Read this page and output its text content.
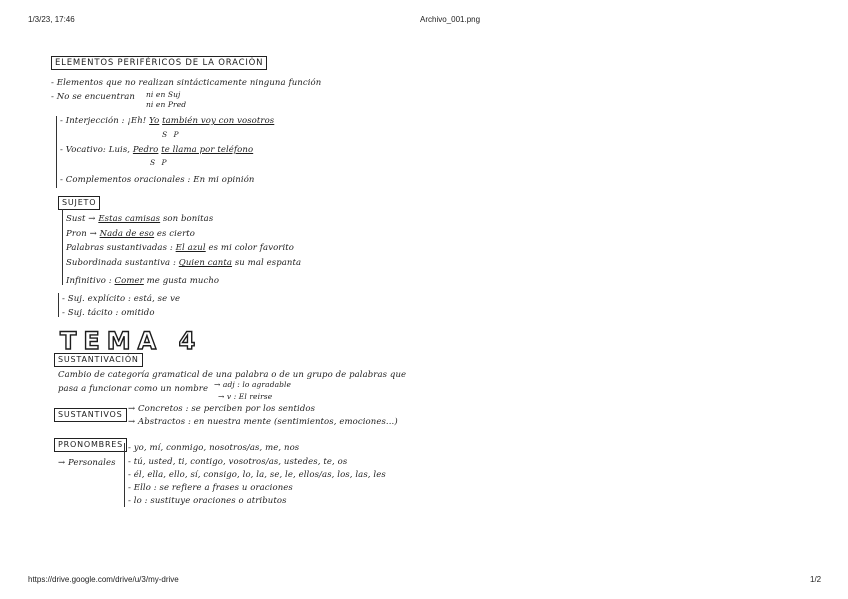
1/3/23, 17:46	Archivo_001.png
ELEMENTOS PERIFÉRICOS DE LA ORACIÓN
- Elementos que no realizan sintácticamente ninguna función
- No se encuentran ni en Suj
ni en Pred
- Interjección : ¡Eh! Yo también voy con vosotros
S P
- Vocativo: Luis, Pedro te llama por teléfono
S P
- Complementos oracionales : En mi opinión
SUJETO
Sust → Estas camisas son bonitas
Pron → Nada de eso es cierto
Palabras sustantivadas : El azul es mi color favorito
Subordinada sustantiva : Quien canta su mal espanta
Infinitivo : Comer me gusta mucho
- Suj. explícito : está, se ve
- Suj. tácito : omitido
TEMA 4
SUSTANTIVACIÓN
Cambio de categoría gramatical de una palabra o de un grupo de palabras que
pasa a funcionar como un nombre → adj : lo agradable
→ v : El reirse
SUSTANTIVOS
→ Concretos : se perciben por los sentidos
→ Abstractos : en nuestra mente (sentimientos, emociones...)
PRONOMBRES
→ Personales
- yo, mí, conmigo, nosotros/as, me, nos
- tú, usted, ti, contigo, vosotros/as, ustedes, te, os
- él, ella, ello, sí, consigo, lo, la, se, le, ellos/as, los, las, les
- Ello : se refiere a frases u oraciones
- lo : sustituye oraciones o atributos
https://drive.google.com/drive/u/3/my-drive	1/2
